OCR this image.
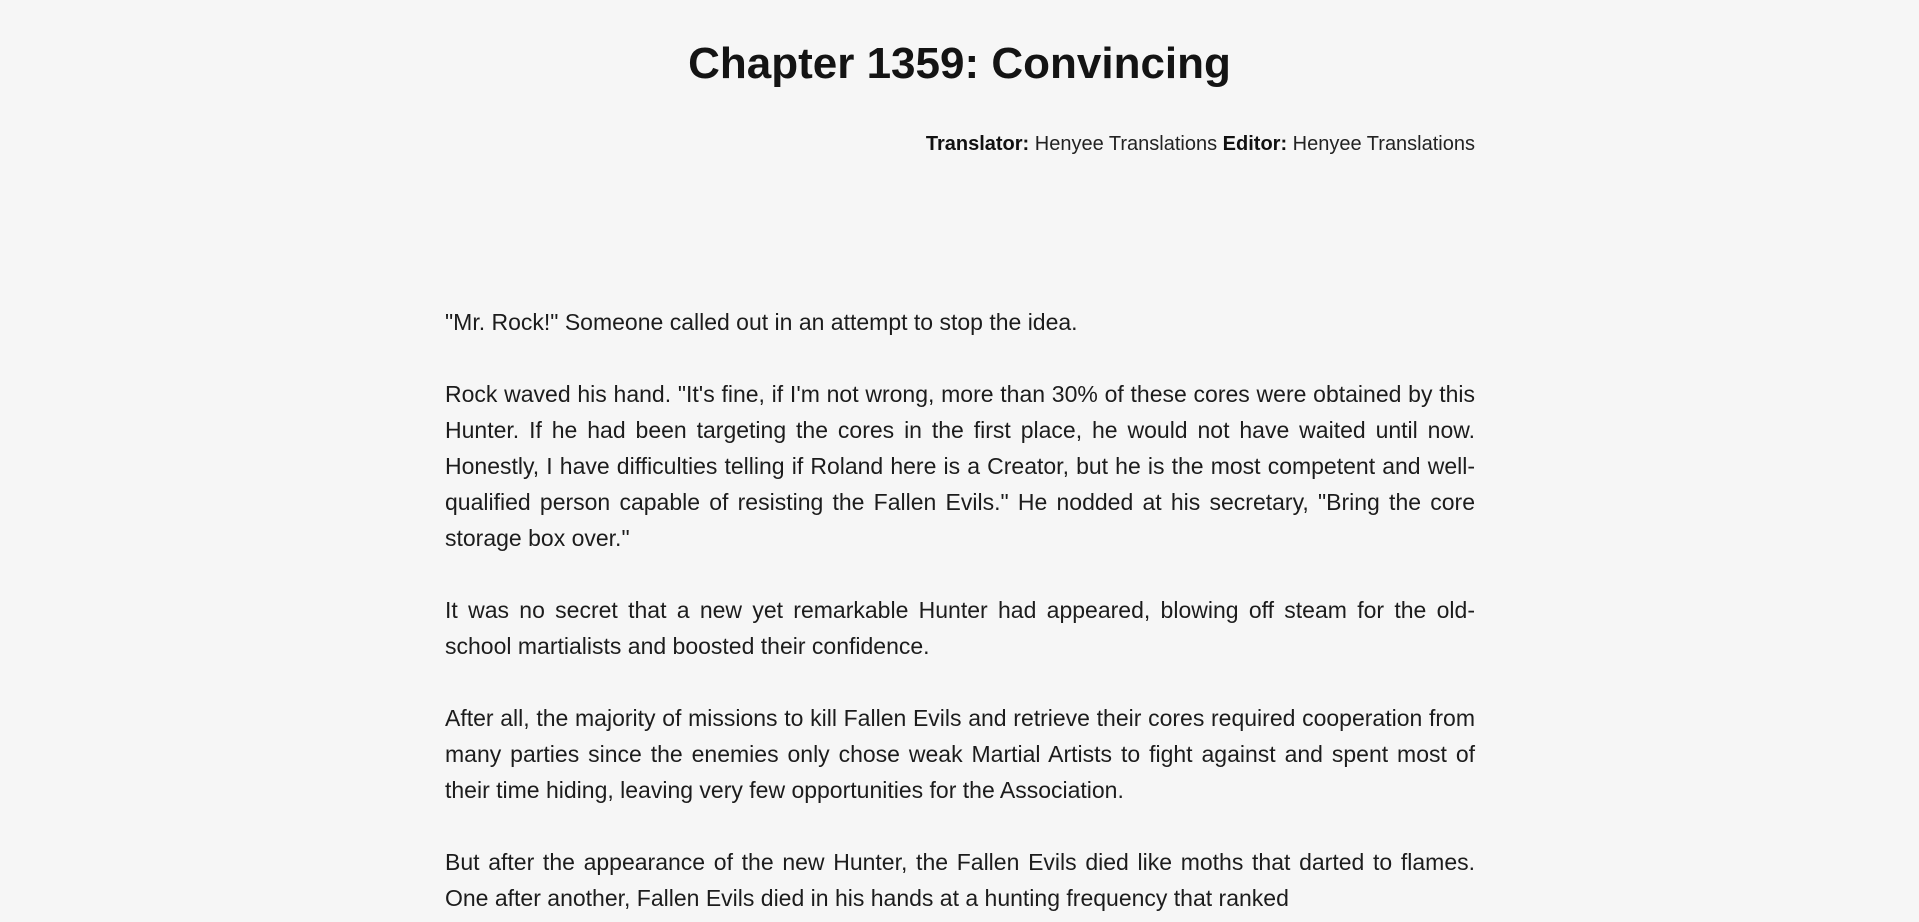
Chapter 1359: Convincing
Translator: Henyee Translations Editor: Henyee Translations

"Mr. Rock!" Someone called out in an attempt to stop the idea.

Rock waved his hand. "It's fine, if I'm not wrong, more than 30% of these cores were obtained by this Hunter. If he had been targeting the cores in the first place, he would not have waited until now. Honestly, I have difficulties telling if Roland here is a Creator, but he is the most competent and well-qualified person capable of resisting the Fallen Evils." He nodded at his secretary, "Bring the core storage box over."

It was no secret that a new yet remarkable Hunter had appeared, blowing off steam for the old-school martialists and boosted their confidence.

After all, the majority of missions to kill Fallen Evils and retrieve their cores required cooperation from many parties since the enemies only chose weak Martial Artists to fight against and spent most of their time hiding, leaving very few opportunities for the Association.

But after the appearance of the new Hunter, the Fallen Evils died like moths that darted to flames. One after another, Fallen Evils died in his hands at a hunting frequency that ranked
